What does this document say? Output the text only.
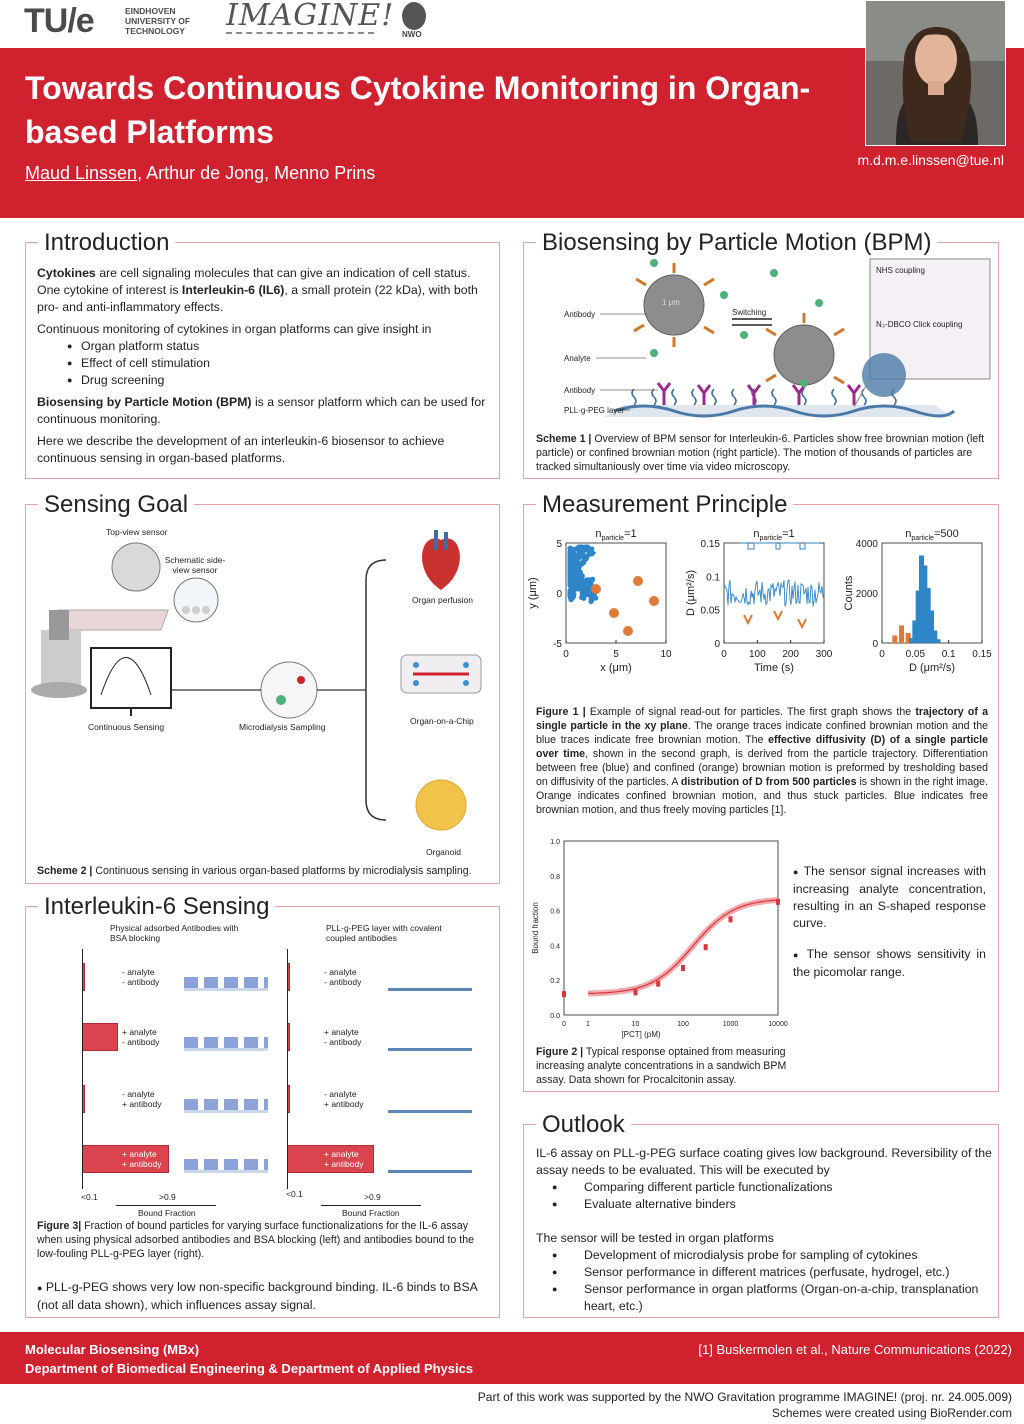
TU/e	EINDHOVEN
UNIVERSITY OF
TECHNOLOGY IMAGINE!
NWO
Towards Continuous Cytokine Monitoring in Organ-based Platforms
Maud Linssen, Arthur de Jong, Menno Prins
m.d.m.e.linssen@tue.nl
Introduction

Cytokines are cell signaling molecules that can give an indication of cell status. One cytokine of interest is Interleukin-6 (IL6), a small protein (22 kDa), with both pro- and anti-inflammatory effects.

Continuous monitoring of cytokines in organ platforms can give insight in

● Organ platform status
● Effect of cell stimulation
● Drug screening

Biosensing by Particle Motion (BPM) is a sensor platform which can be used for continuous monitoring.

Here we describe the development of an interleukin-6 biosensor to achieve continuous sensing in organ-based platforms.

Biosensing by Particle Motion (BPM)
1 μm
Switching
NHS coupling
N₃-DBCO Click coupling
Antibody
Analyte
Antibody
PLL-g-PEG layer
Scheme 1 | Overview of BPM sensor for Interleukin-6. Particles show free brownian motion (left particle) or confined brownian motion (right particle). The motion of thousands of particles are tracked simultaniously over time via video microscopy.
Sensing Goal
Top-view sensor
Schematic side-view sensor
Continuous Sensing	Microdialysis Sampling
Organ perfusion
Organ-on-a-Chip
Organoid
Scheme 2 | Continuous sensing in various organ-based platforms by microdialysis sampling.
Interleukin-6 Sensing
Physical adsorbed Antibodies with BSA blocking
PLL-g-PEG layer with covalent coupled antibodies
- analyte
- antibody
- analyte
- antibody
+ analyte
- antibody
+ analyte
- antibody
- analyte
+ antibody
- analyte
+ antibody
+ analyte
+ antibody
+ analyte
+ antibody
<0.1	>0.9	<0.1	>0.9
Bound Fraction	Bound Fraction
Figure 3| Fraction of bound particles for varying surface functionalizations for the IL-6 assay when using physical adsorbed antibodies and BSA blocking (left) and antibodies bound to the low-fouling PLL-g-PEG layer (right).
● PLL-g-PEG shows very low non-specific background binding. IL-6 binds to BSA (not all data shown), which influences assay signal.
Measurement Principle
$n_{particle}=1$
0	5	10
5
0
-5
x (μm)
y (μm)
$n_{particle}=1$
0 100 200 300
0.15
0.1
0.05
0
Time (s)
D (μm²/s)
$n_{particle}=500$
0 0.05 0.1 0.15
4000
2000
0
D (μm²/s)
Counts
Figure 1 | Example of signal read-out for particles. The first graph shows the trajectory of a single particle in the xy plane. The orange traces indicate confined brownian motion and the blue traces indicate free brownian motion. The effective diffusivity (D) of a single particle over time, shown in the second graph, is derived from the particle trajectory. Differentiation between free (blue) and confined (orange) brownian motion is preformed by tresholding based on diffusivity of the particles. A distribution of D from 500 particles is shown in the right image. Orange indicates confined brownian motion, and thus stuck particles. Blue indicates free brownian motion, and thus freely moving particles [1].
0.0
0.2
0.4
0.6
0.8
1.0
0	1	10	100	1000	10000
[PCT] (pM)
Bound fraction
Figure 2 | Typical response optained from measuring increasing analyte concentrations in a sandwich BPM assay. Data shown for Procalcitonin assay.
● The sensor signal increases with increasing analyte concentration, resulting in an S-shaped response curve.
● The sensor shows sensitivity in the picomolar range.
Outlook

IL-6 assay on PLL-g-PEG surface coating gives low background. Reversibility of the assay needs to be evaluated. This will be executed by

● Comparing different particle functionalizations
● Evaluate alternative binders

The sensor will be tested in organ platforms

● Development of microdialysis probe for sampling of cytokines
● Sensor performance in different matrices (perfusate, hydrogel, etc.)
● Sensor performance in organ platforms (Organ-on-a-chip, transplanation heart, etc.)
Molecular Biosensing (MBx)
Department of Biomedical Engineering & Department of Applied Physics
[1] Buskermolen et al., Nature Communications (2022)
Part of this work was supported by the NWO Gravitation programme IMAGINE! (proj. nr. 24.005.009)
Schemes were created using BioRender.com
